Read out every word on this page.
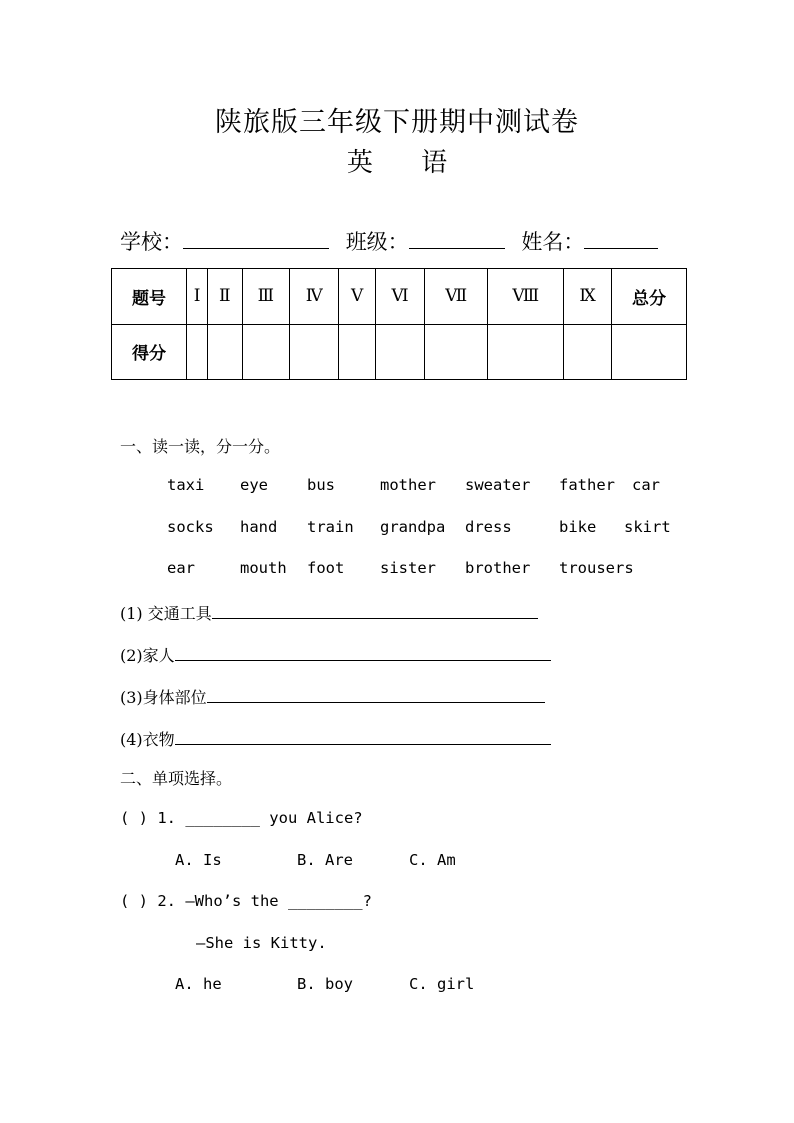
陕旅版三年级下册期中测试卷
英 语
学校：	班级：	姓名：
题号	Ⅰ	Ⅱ	Ⅲ	Ⅳ	Ⅴ	Ⅵ	Ⅶ	Ⅷ	Ⅸ	总分
得分										
一、读一读，分一分。
taxi eye	bus	mother sweater father car
socks hand train grandpa dress	bike skirt
ear	mouth foot sister brother trousers
(1) 交通工具
(2)家人
(3)身体部位
(4)衣物
二、单项选择。
( ) 1. ________ you Alice?
A. Is	B. Are	C. Am
( ) 2. —Who’s the ________?
—She is Kitty.
A. he	B. boy	C. girl
